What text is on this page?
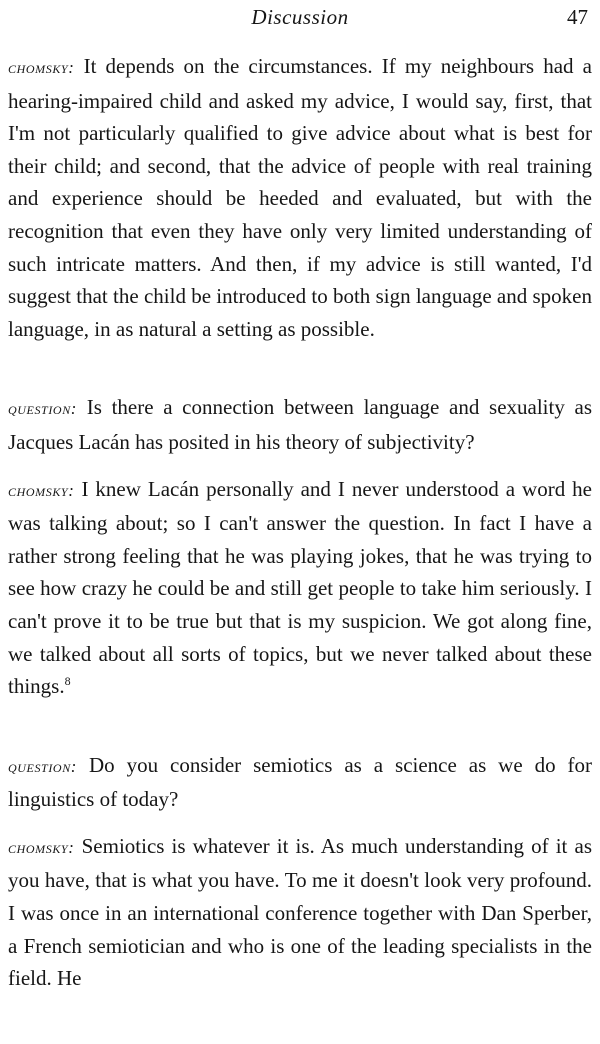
Discussion	47

chomsky: It depends on the circumstances. If my neighbours had a hearing-impaired child and asked my advice, I would say, first, that I'm not particularly qualified to give advice about what is best for their child; and second, that the advice of people with real training and experience should be heeded and evaluated, but with the recognition that even they have only very limited understanding of such intricate matters. And then, if my advice is still wanted, I'd suggest that the child be introduced to both sign language and spoken language, in as natural a setting as possible.

question: Is there a connection between language and sexuality as Jacques Lacán has posited in his theory of subjectivity?

chomsky: I knew Lacán personally and I never understood a word he was talking about; so I can't answer the question. In fact I have a rather strong feeling that he was playing jokes, that he was trying to see how crazy he could be and still get people to take him seriously. I can't prove it to be true but that is my suspicion. We got along fine, we talked about all sorts of topics, but we never talked about these things.$^8$

question: Do you consider semiotics as a science as we do for linguistics of today?

chomsky: Semiotics is whatever it is. As much understanding of it as you have, that is what you have. To me it doesn't look very profound. I was once in an international conference together with Dan Sperber, a French semiotician and who is one of the leading specialists in the field. He
